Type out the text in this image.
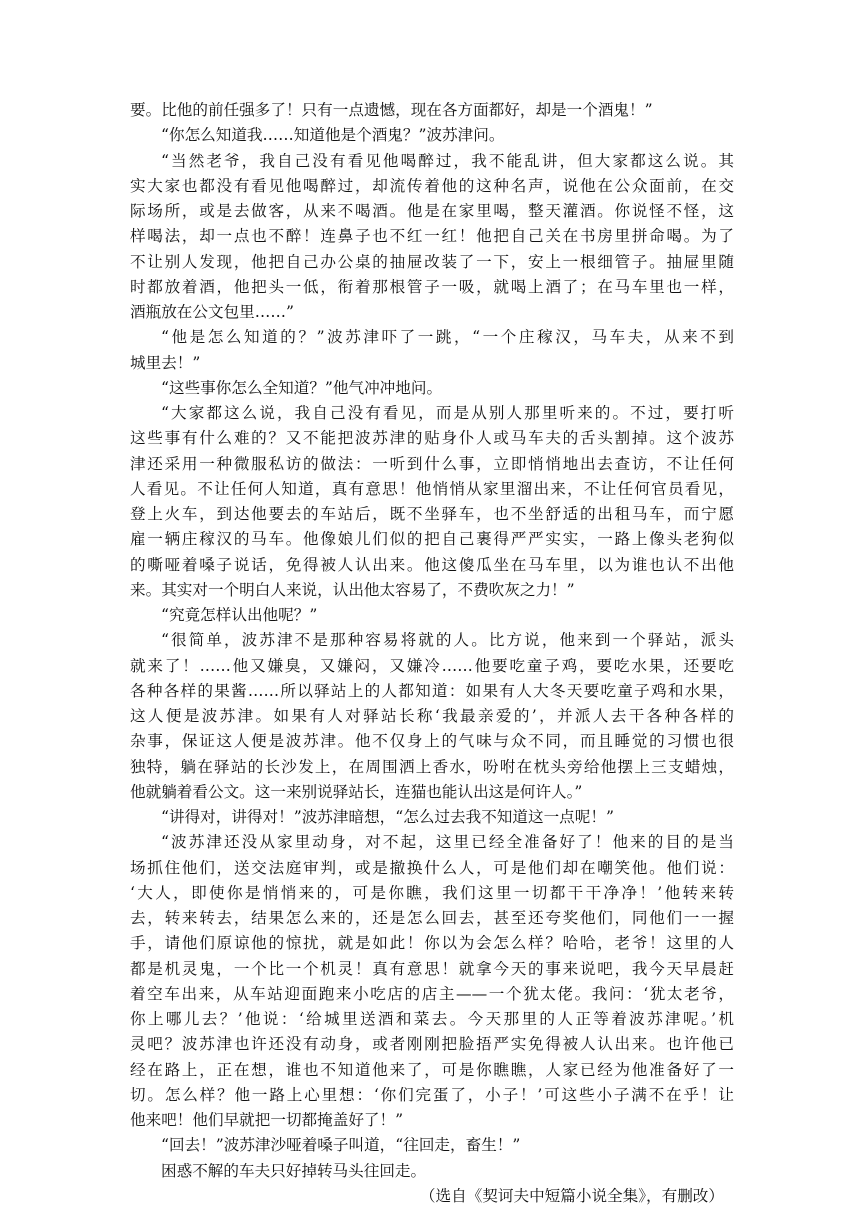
要。比他的前任强多了！只有一点遗憾，现在各方面都好，却是一个酒鬼！”
“你怎么知道我……知道他是个酒鬼？”波苏津问。
“当然老爷，我自己没有看见他喝醉过，我不能乱讲，但大家都这么说。其
实大家也都没有看见他喝醉过，却流传着他的这种名声，说他在公众面前，在交
际场所，或是去做客，从来不喝酒。他是在家里喝，整天灌酒。你说怪不怪，这
样喝法，却一点也不醉！连鼻子也不红一红！他把自己关在书房里拼命喝。为了
不让别人发现，他把自己办公桌的抽屉改装了一下，安上一根细管子。抽屉里随
时都放着酒，他把头一低，衔着那根管子一吸，就喝上酒了；在马车里也一样，
酒瓶放在公文包里……”
“他是怎么知道的？”波苏津吓了一跳，“一个庄稼汉，马车夫，从来不到
城里去！”
“这些事你怎么全知道？”他气冲冲地问。
“大家都这么说，我自己没有看见，而是从别人那里听来的。不过，要打听
这些事有什么难的？又不能把波苏津的贴身仆人或马车夫的舌头割掉。这个波苏
津还采用一种微服私访的做法：一听到什么事，立即悄悄地出去查访，不让任何
人看见。不让任何人知道，真有意思！他悄悄从家里溜出来，不让任何官员看见，
登上火车，到达他要去的车站后，既不坐驿车，也不坐舒适的出租马车，而宁愿
雇一辆庄稼汉的马车。他像娘儿们似的把自己裹得严严实实，一路上像头老狗似
的嘶哑着嗓子说话，免得被人认出来。他这傻瓜坐在马车里，以为谁也认不出他
来。其实对一个明白人来说，认出他太容易了，不费吹灰之力！”
“究竟怎样认出他呢？”
“很简单，波苏津不是那种容易将就的人。比方说，他来到一个驿站，派头
就来了！……他又嫌臭，又嫌闷，又嫌冷……他要吃童子鸡，要吃水果，还要吃
各种各样的果酱……所以驿站上的人都知道：如果有人大冬天要吃童子鸡和水果，
这人便是波苏津。如果有人对驿站长称‘我最亲爱的’，并派人去干各种各样的
杂事，保证这人便是波苏津。他不仅身上的气味与众不同，而且睡觉的习惯也很
独特，躺在驿站的长沙发上，在周围洒上香水，吩咐在枕头旁给他摆上三支蜡烛，
他就躺着看公文。这一来别说驿站长，连猫也能认出这是何许人。”
“讲得对，讲得对！”波苏津暗想，“怎么过去我不知道这一点呢！”
“波苏津还没从家里动身，对不起，这里已经全准备好了！他来的目的是当
场抓住他们，送交法庭审判，或是撤换什么人，可是他们却在嘲笑他。他们说：
‘大人，即使你是悄悄来的，可是你瞧，我们这里一切都干干净净！’他转来转
去，转来转去，结果怎么来的，还是怎么回去，甚至还夸奖他们，同他们一一握
手，请他们原谅他的惊扰，就是如此！你以为会怎么样？哈哈，老爷！这里的人
都是机灵鬼，一个比一个机灵！真有意思！就拿今天的事来说吧，我今天早晨赶
着空车出来，从车站迎面跑来小吃店的店主——一个犹太佬。我问：‘犹太老爷，
你上哪儿去？’他说：‘给城里送酒和菜去。今天那里的人正等着波苏津呢。’机
灵吧？波苏津也许还没有动身，或者刚刚把脸捂严实免得被人认出来。也许他已
经在路上，正在想，谁也不知道他来了，可是你瞧瞧，人家已经为他准备好了一
切。怎么样？他一路上心里想：‘你们完蛋了，小子！’可这些小子满不在乎！让
他来吧！他们早就把一切都掩盖好了！”
“回去！”波苏津沙哑着嗓子叫道，“往回走，畜生！”
困惑不解的车夫只好掉转马头往回走。
（选自《契诃夫中短篇小说全集》，有删改）
